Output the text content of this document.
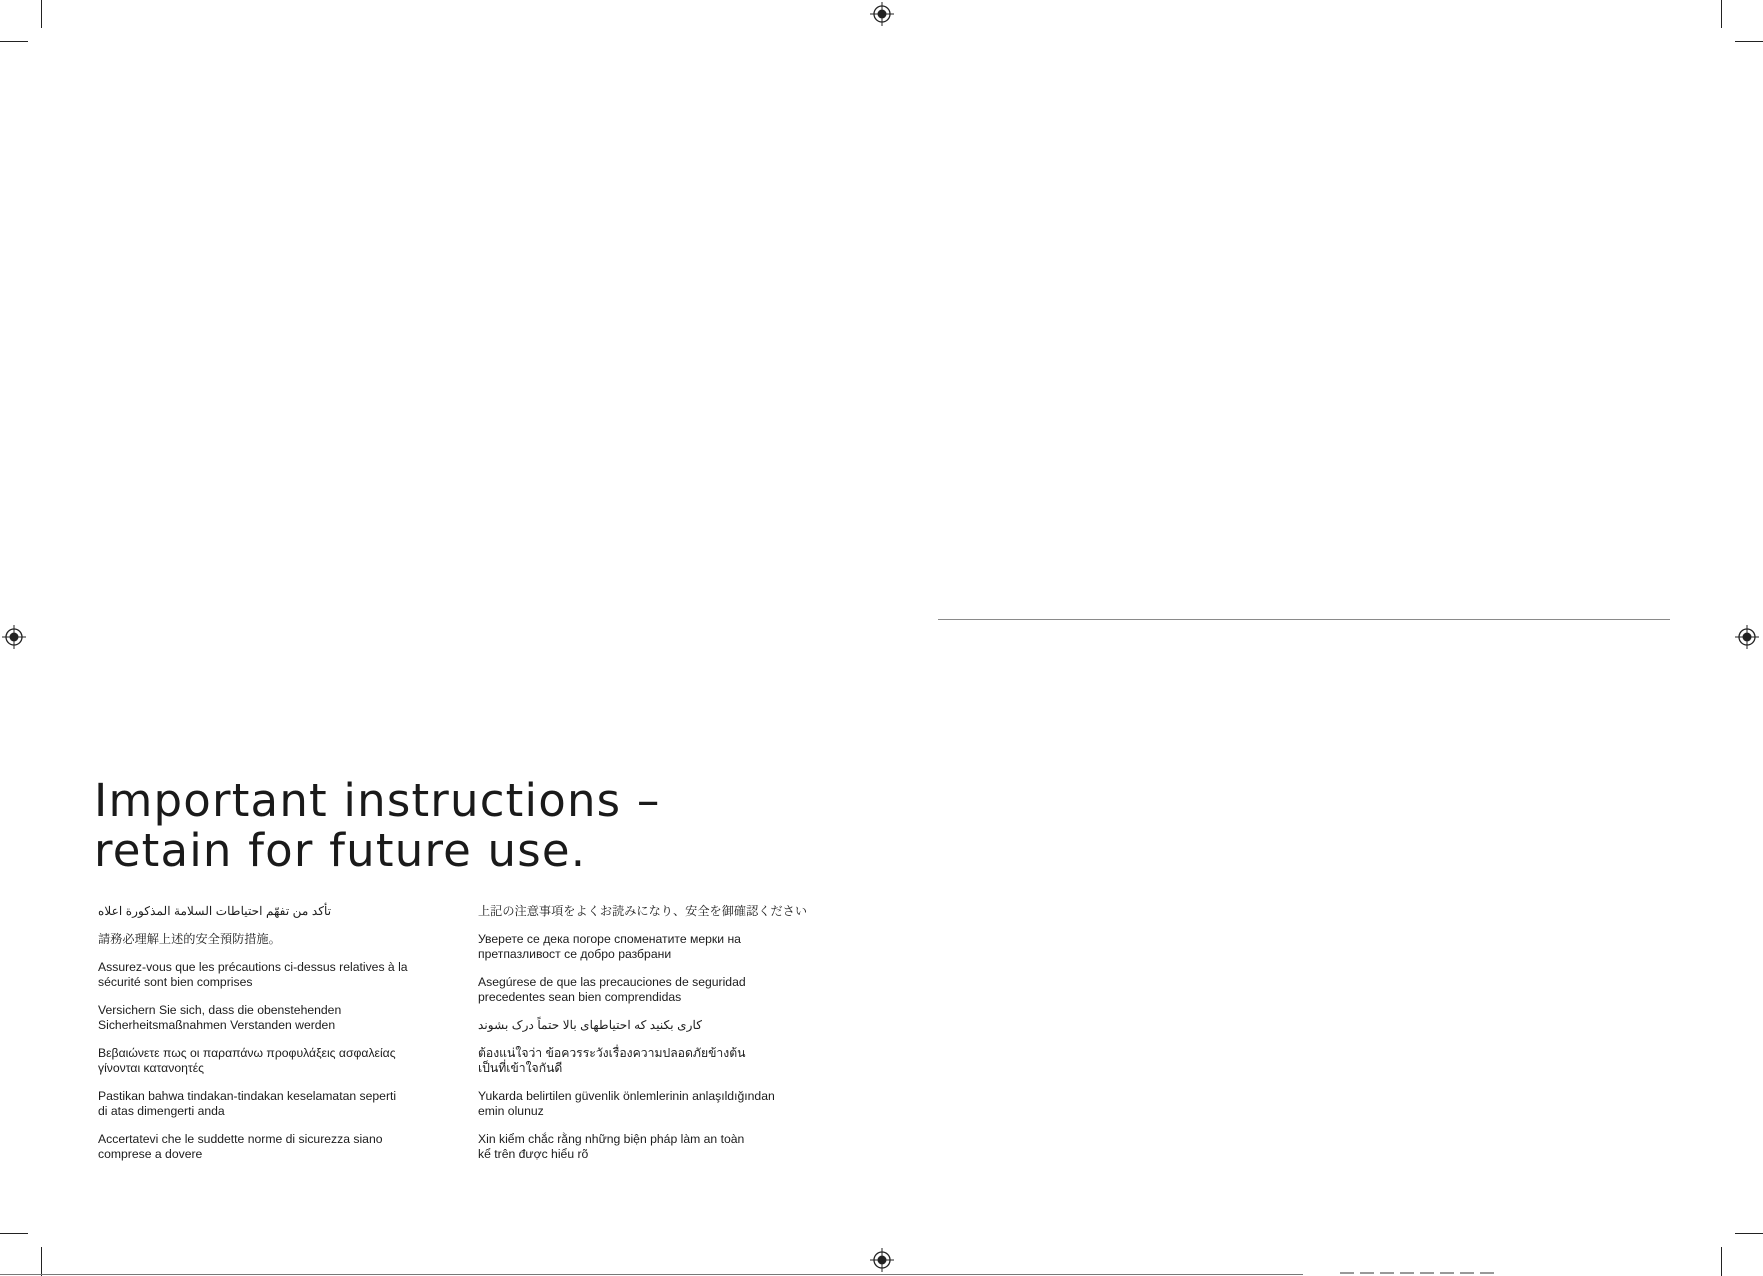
Important instructions –
retain for future use.

تأكد من تفهّم احتياطات السلامة المذكورة اعلاه

請務必理解上述的安全預防措施。

Assurez-vous que les précautions ci-dessus relatives à la
sécurité sont bien comprises

Versichern Sie sich, dass die obenstehenden
Sicherheitsmaßnahmen Verstanden werden

Βεβαιώνετε πως οι παραπάνω προφυλάξεις ασφαλείας
γίνονται κατανοητές

Pastikan bahwa tindakan-tindakan keselamatan seperti
di atas dimengerti anda

Accertatevi che le suddette norme di sicurezza siano
comprese a dovere

上記の注意事項をよくお読みになり、安全を御確認ください

Уверете се дека погоре споменатите мерки на
претпазливост се добро разбрани

Asegúrese de que las precauciones de seguridad
precedentes sean bien comprendidas

کاری بکنید که احتیاطهای بالا حتماً درک بشوند

ต้องแน่ใจว่า ข้อควรระวังเรื่องความปลอดภัยข้างต้น
เป็นที่เข้าใจกันดี

Yukarda belirtilen güvenlik önlemlerinin anlaşıldığından
emin olunuz

Xin kiểm chắc rằng những biện pháp làm an toàn
kể trên được hiểu rõ
